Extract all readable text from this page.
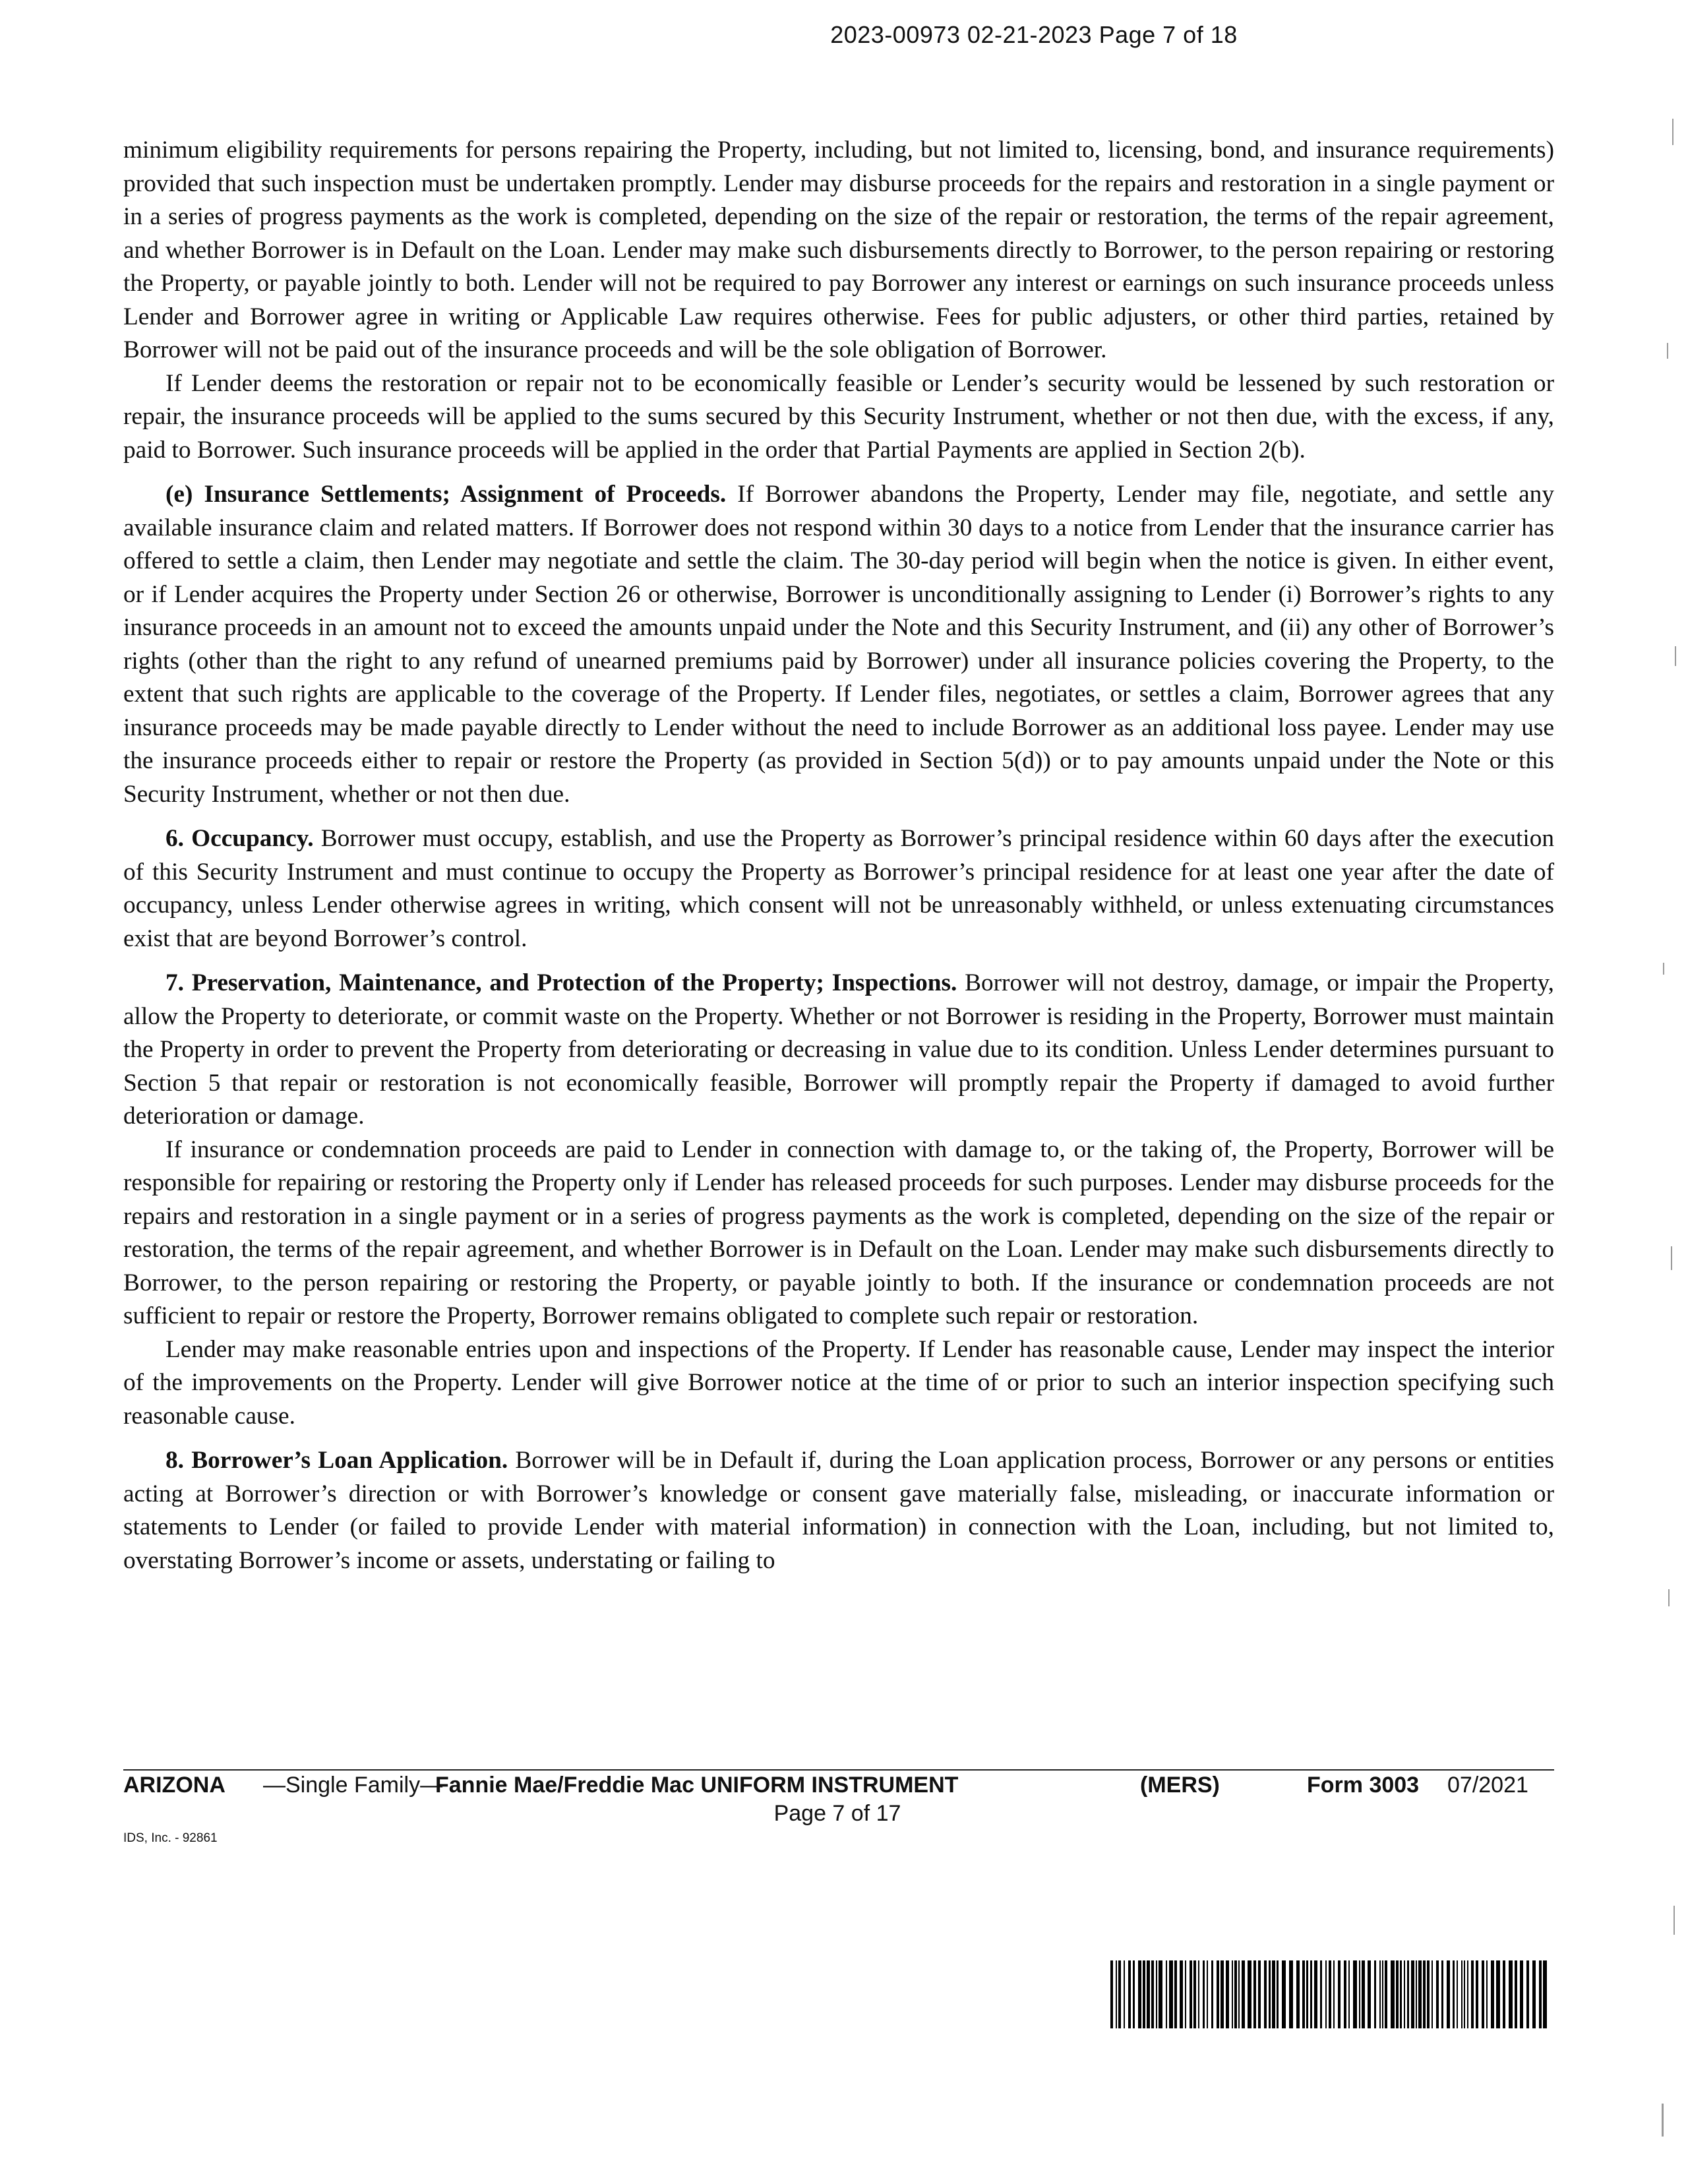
2023-00973 02-21-2023 Page 7 of 18

minimum eligibility requirements for persons repairing the Property, including, but not limited to, licensing, bond, and insurance requirements) provided that such inspection must be undertaken promptly. Lender may disburse proceeds for the repairs and restoration in a single payment or in a series of progress payments as the work is completed, depending on the size of the repair or restoration, the terms of the repair agreement, and whether Borrower is in Default on the Loan. Lender may make such disbursements directly to Borrower, to the person repairing or restoring the Property, or payable jointly to both. Lender will not be required to pay Borrower any interest or earnings on such insurance proceeds unless Lender and Borrower agree in writing or Applicable Law requires otherwise. Fees for public adjusters, or other third parties, retained by Borrower will not be paid out of the insurance proceeds and will be the sole obligation of Borrower.

If Lender deems the restoration or repair not to be economically feasible or Lender’s security would be lessened by such restoration or repair, the insurance proceeds will be applied to the sums secured by this Security Instrument, whether or not then due, with the excess, if any, paid to Borrower. Such insurance proceeds will be applied in the order that Partial Payments are applied in Section 2(b).

(e) Insurance Settlements; Assignment of Proceeds. If Borrower abandons the Property, Lender may file, negotiate, and settle any available insurance claim and related matters. If Borrower does not respond within 30 days to a notice from Lender that the insurance carrier has offered to settle a claim, then Lender may negotiate and settle the claim. The 30-day period will begin when the notice is given. In either event, or if Lender acquires the Property under Section 26 or otherwise, Borrower is unconditionally assigning to Lender (i) Borrower’s rights to any insurance proceeds in an amount not to exceed the amounts unpaid under the Note and this Security Instrument, and (ii) any other of Borrower’s rights (other than the right to any refund of unearned premiums paid by Borrower) under all insurance policies covering the Property, to the extent that such rights are applicable to the coverage of the Property. If Lender files, negotiates, or settles a claim, Borrower agrees that any insurance proceeds may be made payable directly to Lender without the need to include Borrower as an additional loss payee. Lender may use the insurance proceeds either to repair or restore the Property (as provided in Section 5(d)) or to pay amounts unpaid under the Note or this Security Instrument, whether or not then due.

6. Occupancy. Borrower must occupy, establish, and use the Property as Borrower’s principal residence within 60 days after the execution of this Security Instrument and must continue to occupy the Property as Borrower’s principal residence for at least one year after the date of occupancy, unless Lender otherwise agrees in writing, which consent will not be unreasonably withheld, or unless extenuating circumstances exist that are beyond Borrower’s control.

7. Preservation, Maintenance, and Protection of the Property; Inspections. Borrower will not destroy, damage, or impair the Property, allow the Property to deteriorate, or commit waste on the Property. Whether or not Borrower is residing in the Property, Borrower must maintain the Property in order to prevent the Property from deteriorating or decreasing in value due to its condition. Unless Lender determines pursuant to Section 5 that repair or restoration is not economically feasible, Borrower will promptly repair the Property if damaged to avoid further deterioration or damage.

If insurance or condemnation proceeds are paid to Lender in connection with damage to, or the taking of, the Property, Borrower will be responsible for repairing or restoring the Property only if Lender has released proceeds for such purposes. Lender may disburse proceeds for the repairs and restoration in a single payment or in a series of progress payments as the work is completed, depending on the size of the repair or restoration, the terms of the repair agreement, and whether Borrower is in Default on the Loan. Lender may make such disbursements directly to Borrower, to the person repairing or restoring the Property, or payable jointly to both. If the insurance or condemnation proceeds are not sufficient to repair or restore the Property, Borrower remains obligated to complete such repair or restoration.

Lender may make reasonable entries upon and inspections of the Property. If Lender has reasonable cause, Lender may inspect the interior of the improvements on the Property. Lender will give Borrower notice at the time of or prior to such an interior inspection specifying such reasonable cause.

8. Borrower’s Loan Application. Borrower will be in Default if, during the Loan application process, Borrower or any persons or entities acting at Borrower’s direction or with Borrower’s knowledge or consent gave materially false, misleading, or inaccurate information or statements to Lender (or failed to provide Lender with material information) in connection with the Loan, including, but not limited to, overstating Borrower’s income or assets, understating or failing to

ARIZONA —Single Family—
Fannie Mae/Freddie Mac UNIFORM INSTRUMENT	(MERS)	Form 3003 07/2021
Page 7 of 17
IDS, Inc. - 92861
